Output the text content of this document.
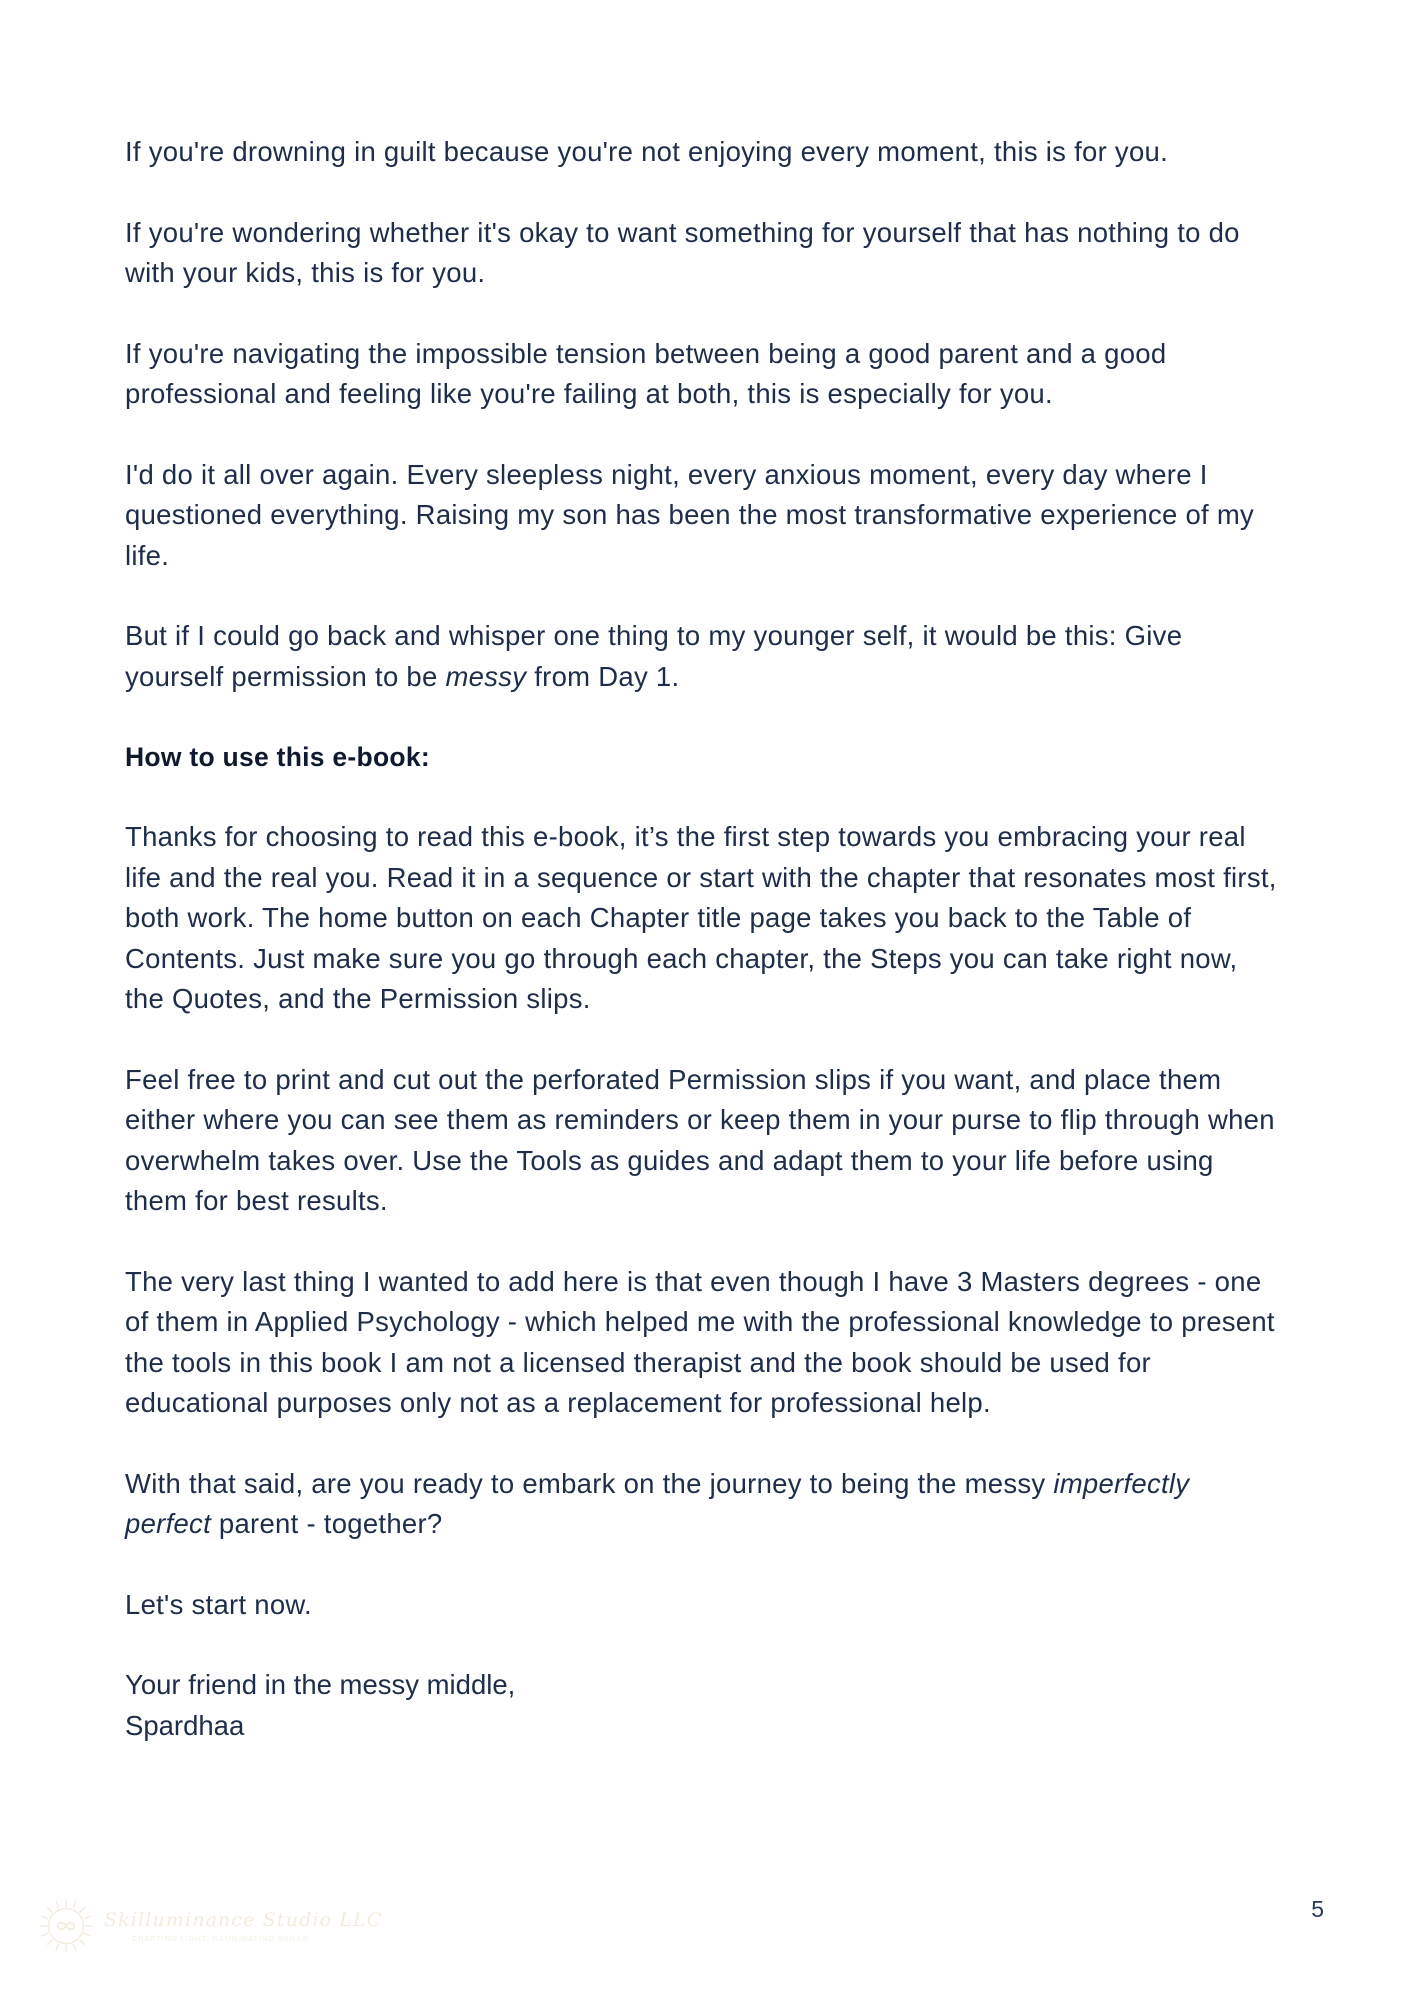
If you're drowning in guilt because you're not enjoying every moment, this is for you.

If you're wondering whether it's okay to want something for yourself that has nothing to do with your kids, this is for you.

If you're navigating the impossible tension between being a good parent and a good professional and feeling like you're failing at both, this is especially for you.

I'd do it all over again. Every sleepless night, every anxious moment, every day where I questioned everything. Raising my son has been the most transformative experience of my life.

But if I could go back and whisper one thing to my younger self, it would be this: Give yourself permission to be messy from Day 1.

How to use this e-book:

Thanks for choosing to read this e-book, it’s the first step towards you embracing your real life and the real you. Read it in a sequence or start with the chapter that resonates most first, both work. The home button on each Chapter title page takes you back to the Table of Contents. Just make sure you go through each chapter, the Steps you can take right now, the Quotes, and the Permission slips.

Feel free to print and cut out the perforated Permission slips if you want, and place them either where you can see them as reminders or keep them in your purse to flip through when overwhelm takes over. Use the Tools as guides and adapt them to your life before using them for best results.

The very last thing I wanted to add here is that even though I have 3 Masters degrees - one of them in Applied Psychology - which helped me with the professional knowledge to present the tools in this book I am not a licensed therapist and the book should be used for educational purposes only not as a replacement for professional help.

With that said, are you ready to embark on the journey to being the messy imperfectly perfect parent - together?

Let's start now.

Your friend in the messy middle,
Spardhaa

Skilluminance Studio LLC
CRAFTING LIGHT, ILLUMINATING SKILLS
5
